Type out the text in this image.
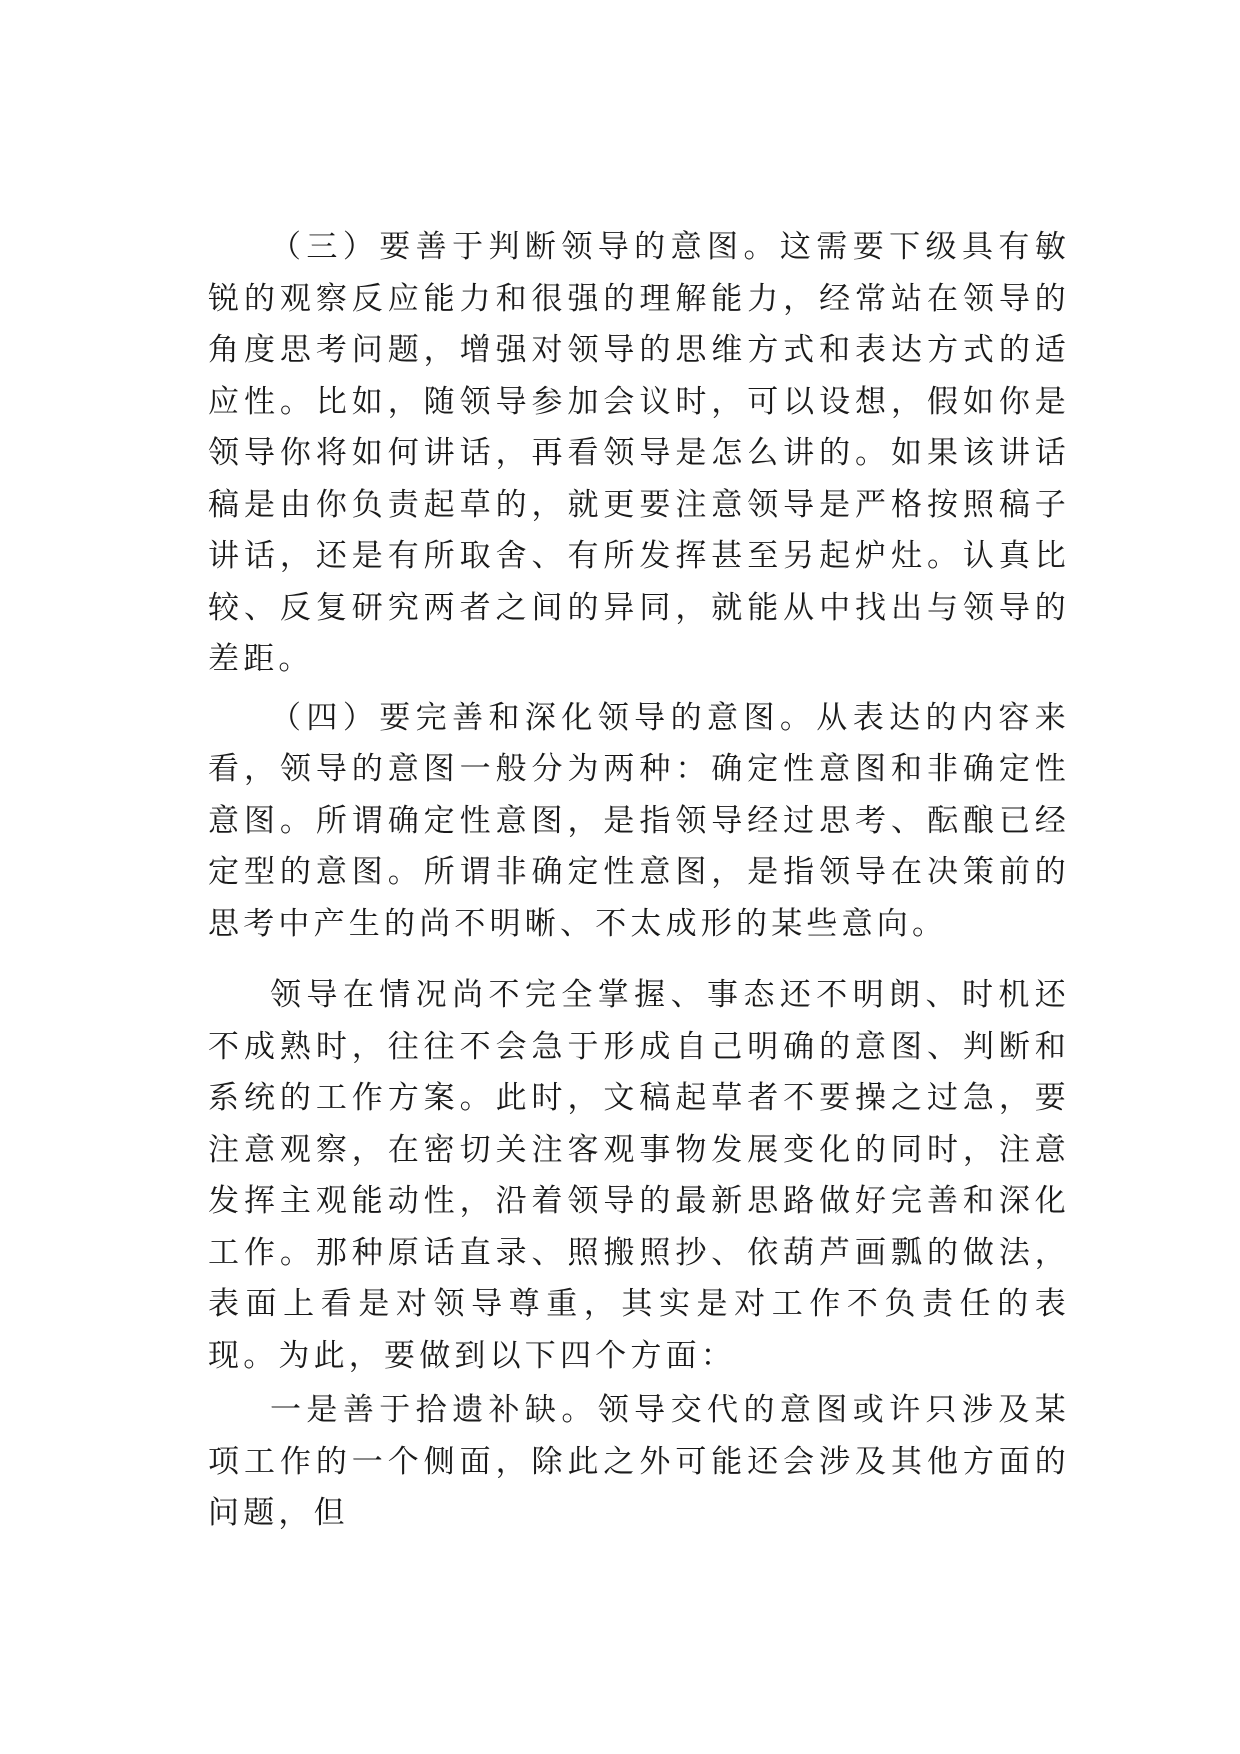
（三）要善于判断领导的意图。这需要下级具有敏锐的观察反应能力和很强的理解能力，经常站在领导的角度思考问题，增强对领导的思维方式和表达方式的适应性。比如，随领导参加会议时，可以设想，假如你是领导你将如何讲话，再看领导是怎么讲的。如果该讲话稿是由你负责起草的，就更要注意领导是严格按照稿子讲话，还是有所取舍、有所发挥甚至另起炉灶。认真比较、反复研究两者之间的异同，就能从中找出与领导的差距。

（四）要完善和深化领导的意图。从表达的内容来看，领导的意图一般分为两种：确定性意图和非确定性意图。所谓确定性意图，是指领导经过思考、酝酿已经定型的意图。所谓非确定性意图，是指领导在决策前的思考中产生的尚不明晰、不太成形的某些意向。

领导在情况尚不完全掌握、事态还不明朗、时机还不成熟时，往往不会急于形成自己明确的意图、判断和系统的工作方案。此时，文稿起草者不要操之过急，要注意观察，在密切关注客观事物发展变化的同时，注意发挥主观能动性，沿着领导的最新思路做好完善和深化工作。那种原话直录、照搬照抄、依葫芦画瓢的做法，表面上看是对领导尊重，其实是对工作不负责任的表现。为此，要做到以下四个方面：

一是善于拾遗补缺。领导交代的意图或许只涉及某项工作的一个侧面，除此之外可能还会涉及其他方面的问题，但
